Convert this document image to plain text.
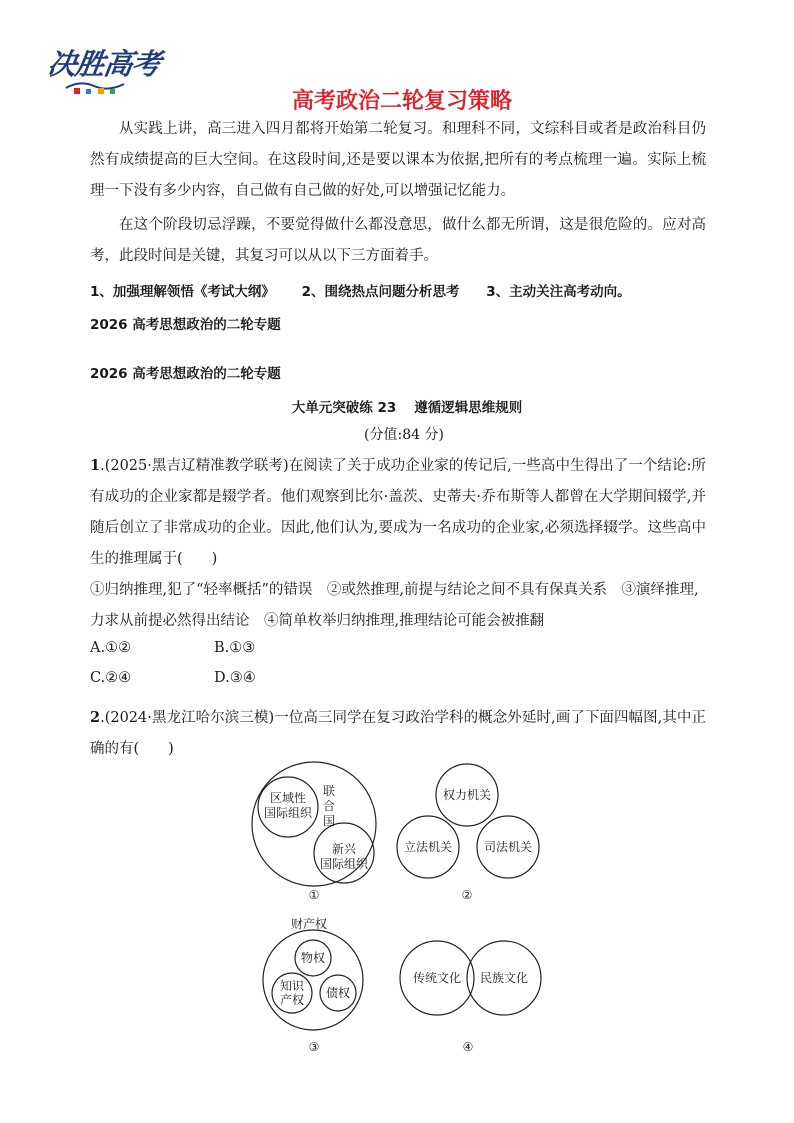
决胜高考
高考政治二轮复习策略
从实践上讲，高三进入四月都将开始第二轮复习。和理科不同，文综科目或者是政治科目仍然有成绩提高的巨大空间。在这段时间,还是要以课本为依据,把所有的考点梳理一遍。实际上梳理一下没有多少内容，自己做有自己做的好处,可以增强记忆能力。
在这个阶段切忌浮躁，不要觉得做什么都没意思，做什么都无所谓，这是很危险的。应对高考，此段时间是关键，其复习可以从以下三方面着手。
1、加强理解领悟《考试大纲》 2、围绕热点问题分析思考 3、主动关注高考动向。
2026 高考思想政治的二轮专题
2026 高考思想政治的二轮专题
大单元突破练 23 遵循逻辑思维规则
(分值:84 分)
1.(2025·黑吉辽精准教学联考)在阅读了关于成功企业家的传记后,一些高中生得出了一个结论:所有成功的企业家都是辍学者。他们观察到比尔·盖茨、史蒂夫·乔布斯等人都曾在大学期间辍学,并随后创立了非常成功的企业。因此,他们认为,要成为一名成功的企业家,必须选择辍学。这些高中生的推理属于(　　)
①归纳推理,犯了“轻率概括”的错误　②或然推理,前提与结论之间不具有保真关系　③演绎推理,力求从前提必然得出结论　④简单枚举归纳推理,推理结论可能会被推翻
A.①②	B.①③
C.②④	D.③④
2.(2024·黑龙江哈尔滨三模)一位高三同学在复习政治学科的概念外延时,画了下面四幅图,其中正确的有(　　)
区域性
国际组织
联
合
国
新兴
国际组织
①
权力机关
立法机关	司法机关
②
财产权
物权
知识
产权 债权
③
传统文化 民族文化
④
